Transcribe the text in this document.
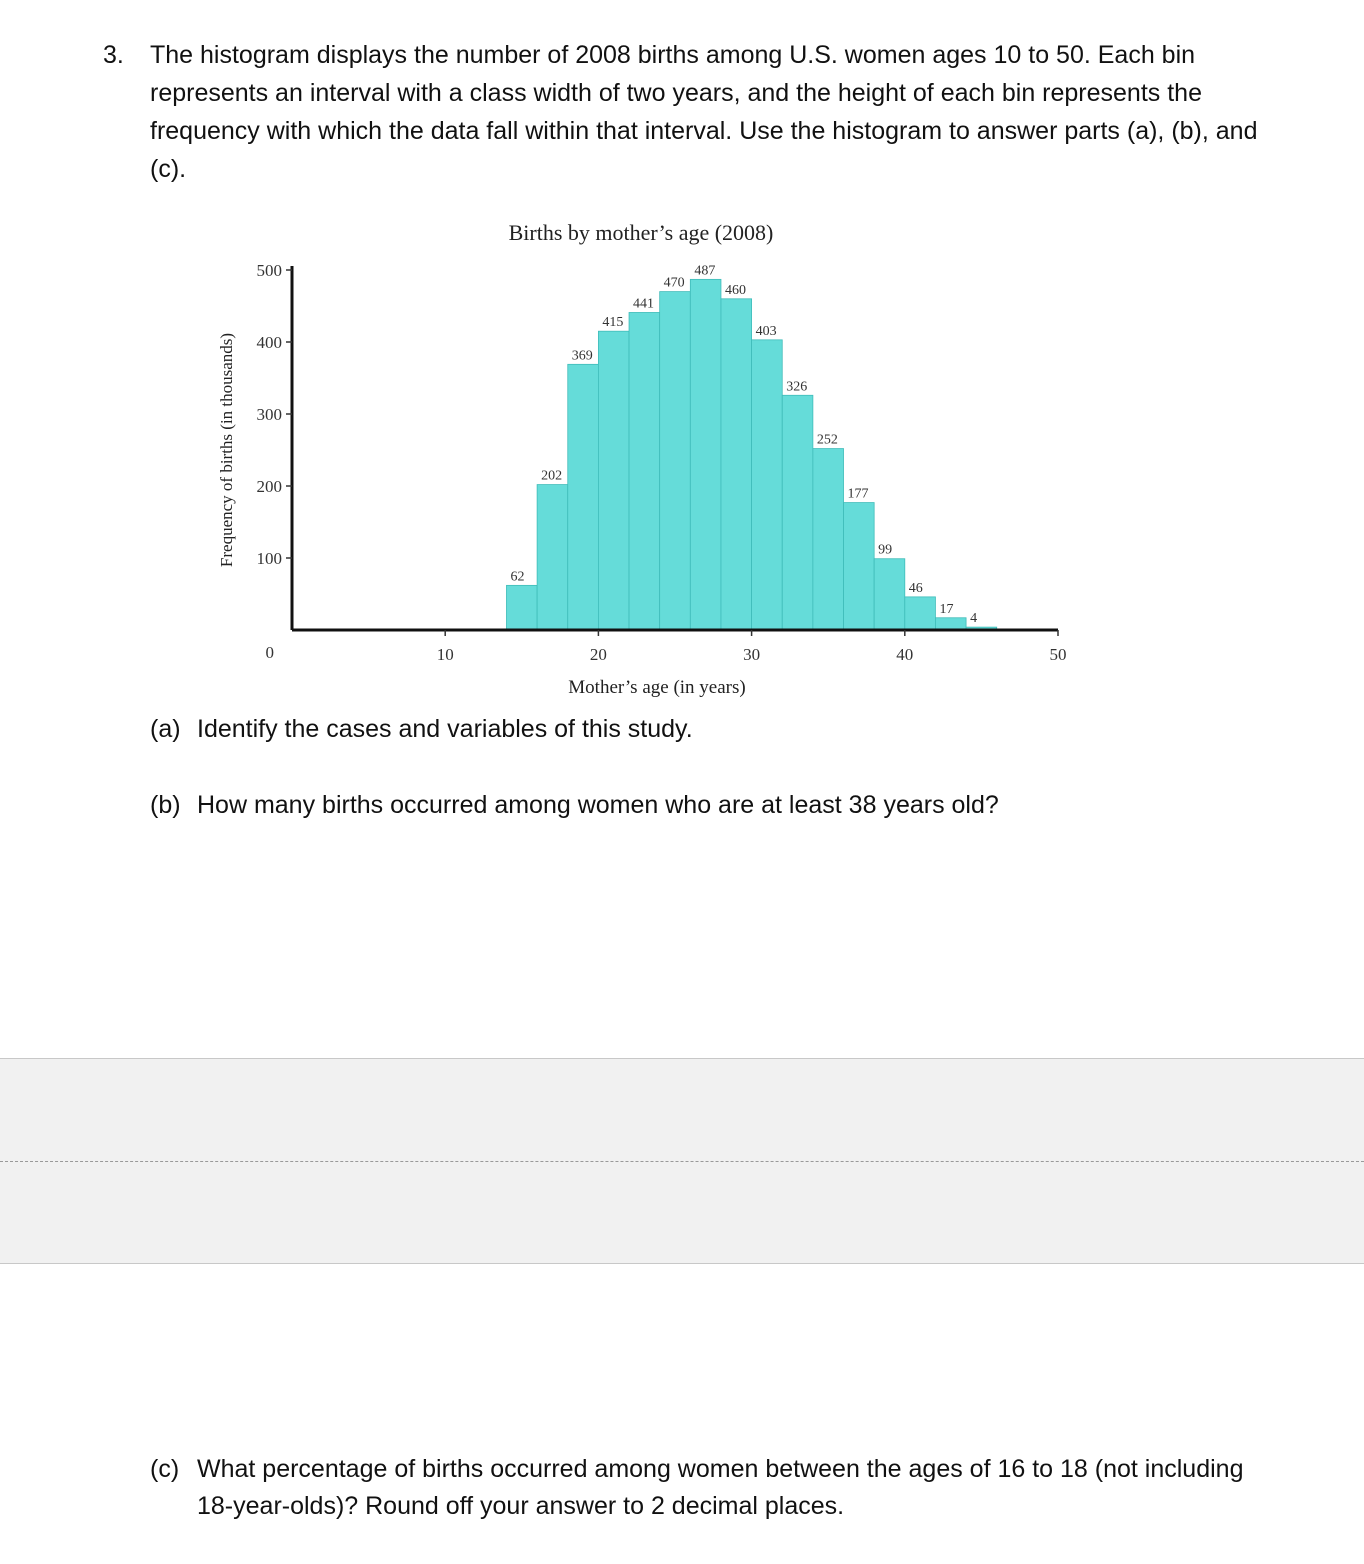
3. The histogram displays the number of 2008 births among U.S. women ages 10 to 50. Each bin represents an interval with a class width of two years, and the height of each bin represents the frequency with which the data fall within that interval. Use the histogram to answer parts (a), (b), and (c).
Births by mother’s age (2008)
62
202
369
415
441
470
487
460
403
326
252
177
99
46
17
4
100
200
300
400
500
0	10	20	30	40	50
Mother’s age (in years)
Frequency of births (in thousands)
(a) Identify the cases and variables of this study.
(b) How many births occurred among women who are at least 38 years old?
(c) What percentage of births occurred among women between the ages of 16 to 18 (not including 18-year-olds)? Round off your answer to 2 decimal places.
